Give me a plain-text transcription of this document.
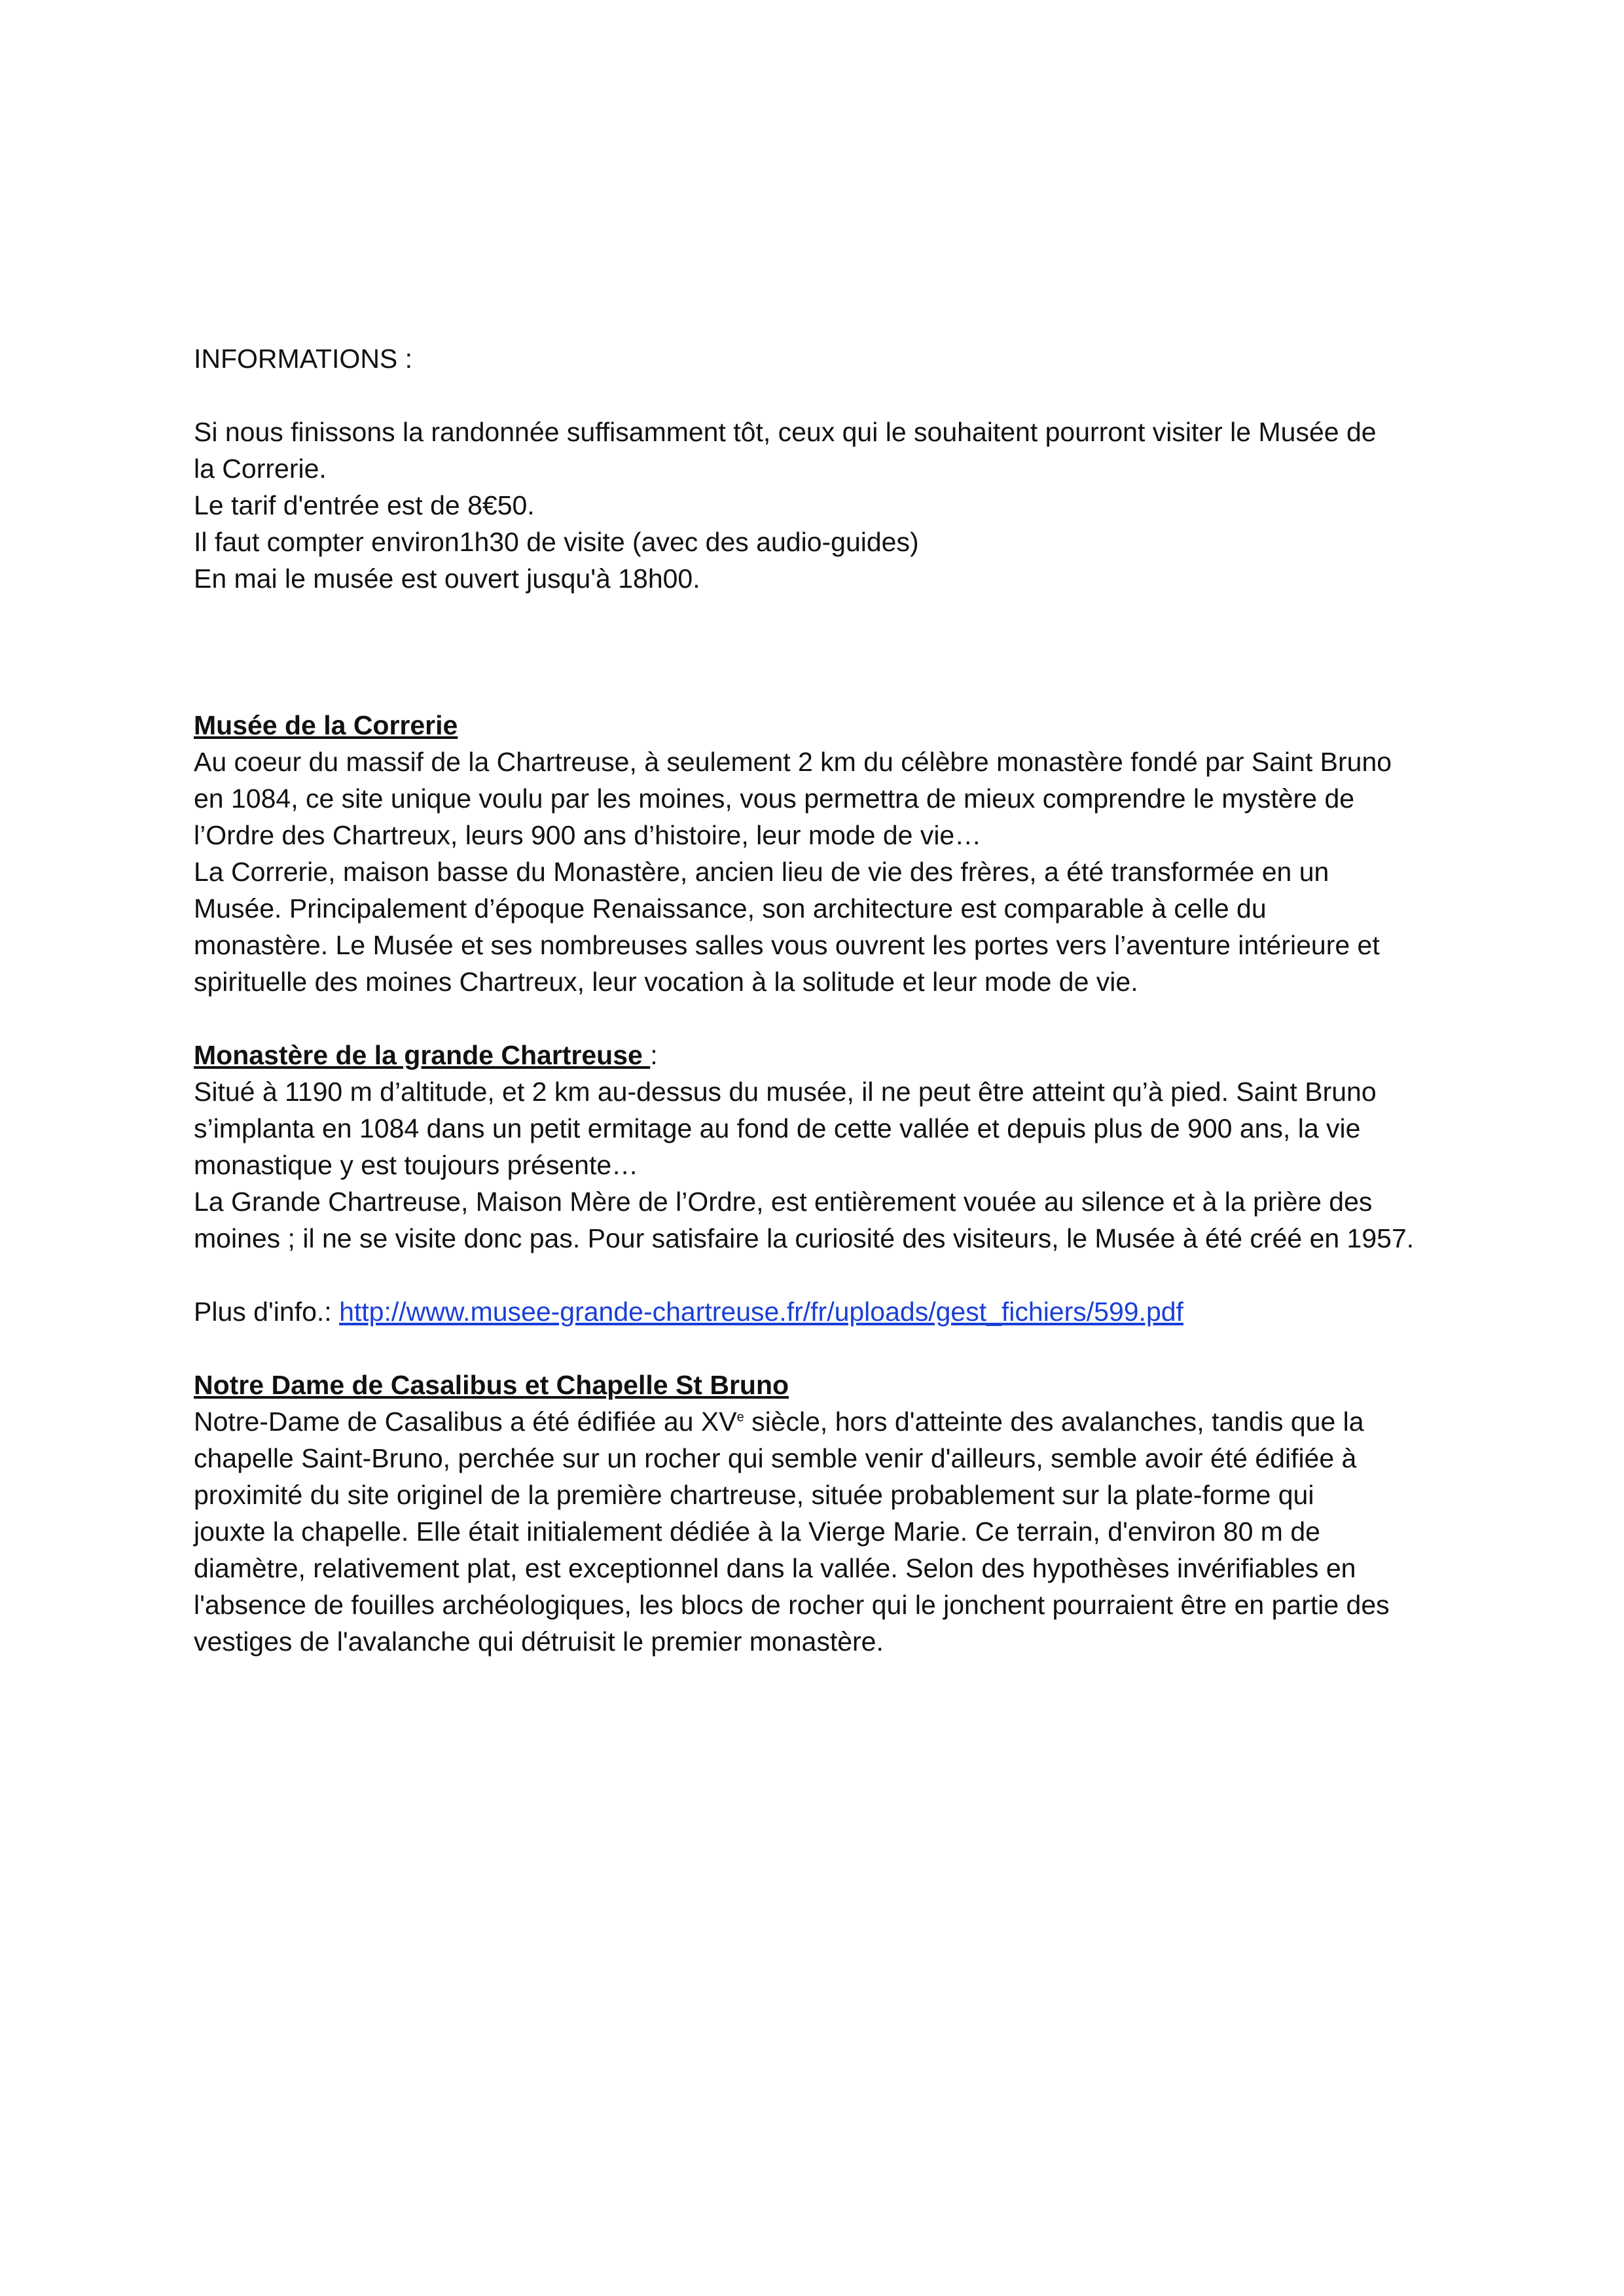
INFORMATIONS :
Si nous finissons la randonnée suffisamment tôt, ceux qui le souhaitent pourront visiter le Musée de
la Correrie.
Le tarif d'entrée est de 8€50.
Il faut compter environ1h30 de visite (avec des audio-guides)
En mai le musée est ouvert jusqu'à 18h00.
Musée de la Correrie
Au coeur du massif de la Chartreuse, à seulement 2 km du célèbre monastère fondé par Saint Bruno
en 1084, ce site unique voulu par les moines, vous permettra de mieux comprendre le mystère de
l’Ordre des Chartreux, leurs 900 ans d’histoire, leur mode de vie…
La Correrie, maison basse du Monastère, ancien lieu de vie des frères, a été transformée en un
Musée. Principalement d’époque Renaissance, son architecture est comparable à celle du
monastère. Le Musée et ses nombreuses salles vous ouvrent les portes vers l’aventure intérieure et
spirituelle des moines Chartreux, leur vocation à la solitude et leur mode de vie.
Monastère de la grande Chartreuse :
Situé à 1190 m d’altitude, et 2 km au-dessus du musée, il ne peut être atteint qu’à pied. Saint Bruno
s’implanta en 1084 dans un petit ermitage au fond de cette vallée et depuis plus de 900 ans, la vie
monastique y est toujours présente…
La Grande Chartreuse, Maison Mère de l’Ordre, est entièrement vouée au silence et à la prière des
moines ; il ne se visite donc pas. Pour satisfaire la curiosité des visiteurs, le Musée à été créé en 1957.
Plus d'info.: http://www.musee-grande-chartreuse.fr/fr/uploads/gest_fichiers/599.pdf
Notre Dame de Casalibus et Chapelle St Bruno
Notre-Dame de Casalibus a été édifiée au XVe siècle, hors d'atteinte des avalanches, tandis que la
chapelle Saint-Bruno, perchée sur un rocher qui semble venir d'ailleurs, semble avoir été édifiée à
proximité du site originel de la première chartreuse, située probablement sur la plate-forme qui
jouxte la chapelle. Elle était initialement dédiée à la Vierge Marie. Ce terrain, d'environ 80 m de
diamètre, relativement plat, est exceptionnel dans la vallée. Selon des hypothèses invérifiables en
l'absence de fouilles archéologiques, les blocs de rocher qui le jonchent pourraient être en partie des
vestiges de l'avalanche qui détruisit le premier monastère.
